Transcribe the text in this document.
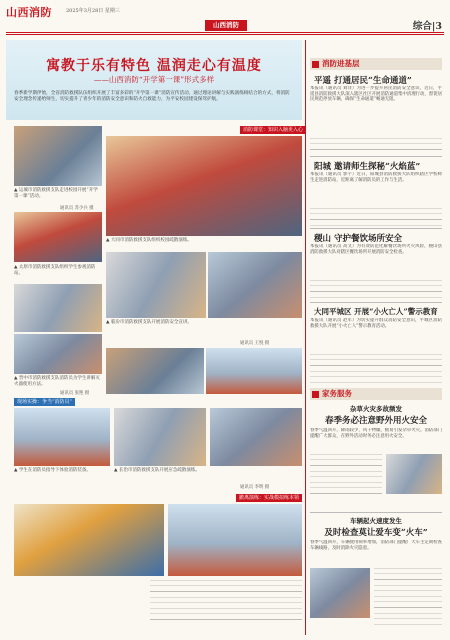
山西消防	2025年3月28日 星期三
山西消防	综合|3
寓教于乐有特色 温润走心有温度
——山西消防“开学第一课”形式多样
春季新学期伊始，全省消防救援队伍组织开展了丰富多彩的“开学第一课”消防宣传活动，通过理论讲解与实践演练相结合的方式，将消防安全理念传递给师生，切实提升了青少年的消防安全意识和防火自救能力，为平安校园建设保驾护航。
▲ 运城市消防救援支队走进校园开展“开学第一课”活动。
通讯员 苏少兵 摄
▲ 太原市消防救援支队组织学生参观消防站。
▲ 晋中市消防救援支队消防员为学生讲解灭火器使用方法。
通讯员 张艳 摄
消防课堂：知识入脑更入心
▲ 大同市消防救援支队组织校园疏散演练。
▲ 临汾市消防救援支队开展消防安全宣讲。
通讯员 王悦 摄
现场实操：争当“消防员”
▲ 学生在消防员指导下体验消防装备。	▲ 长治市消防救援支队开展应急疏散演练。
通讯员 李明 摄
撤离演练：实战模拟练本领
消防进基层
平遥 打通居民“生命通道”
本报讯（通讯员 刘洋）为进一步提升居民消防安全意识，近日，平遥县消防救援大队深入辖区社区开展消防通道集中清理行动，督促居民规范停放车辆，确保“生命通道”畅通无阻。
阳城 邀请师生探秘“火焰蓝”
本报讯（通讯员 郭宇）近日，阳城县消防救援大队组织辖区学校师生走进消防站，近距离了解消防员的工作与生活。
稷山 守护餐饮场所安全
本报讯（通讯员 高文）为有效防范化解餐饮场所火灾风险，稷山县消防救援大队对辖区餐饮场所开展消防安全检查。
大同平城区 开展“小火亡人”警示教育
本报讯（通讯员 赵军）为切实提升群众消防安全意识，平城区消防救援大队开展“小火亡人”警示教育活动。
家务服务
杂草火灾多故频发
春季务必注意野外用火安全
春季气温回升，降雨较少，风干物燥，极易引发杂草火灾。消防部门提醒广大群众，在野外活动时务必注意用火安全。
车辆起火速度发生
及时检查莫让爱车变“火车”
春季气温回升，车辆使用频率增加，消防部门提醒广大车主定期检查车辆线路，及时消除火灾隐患。
